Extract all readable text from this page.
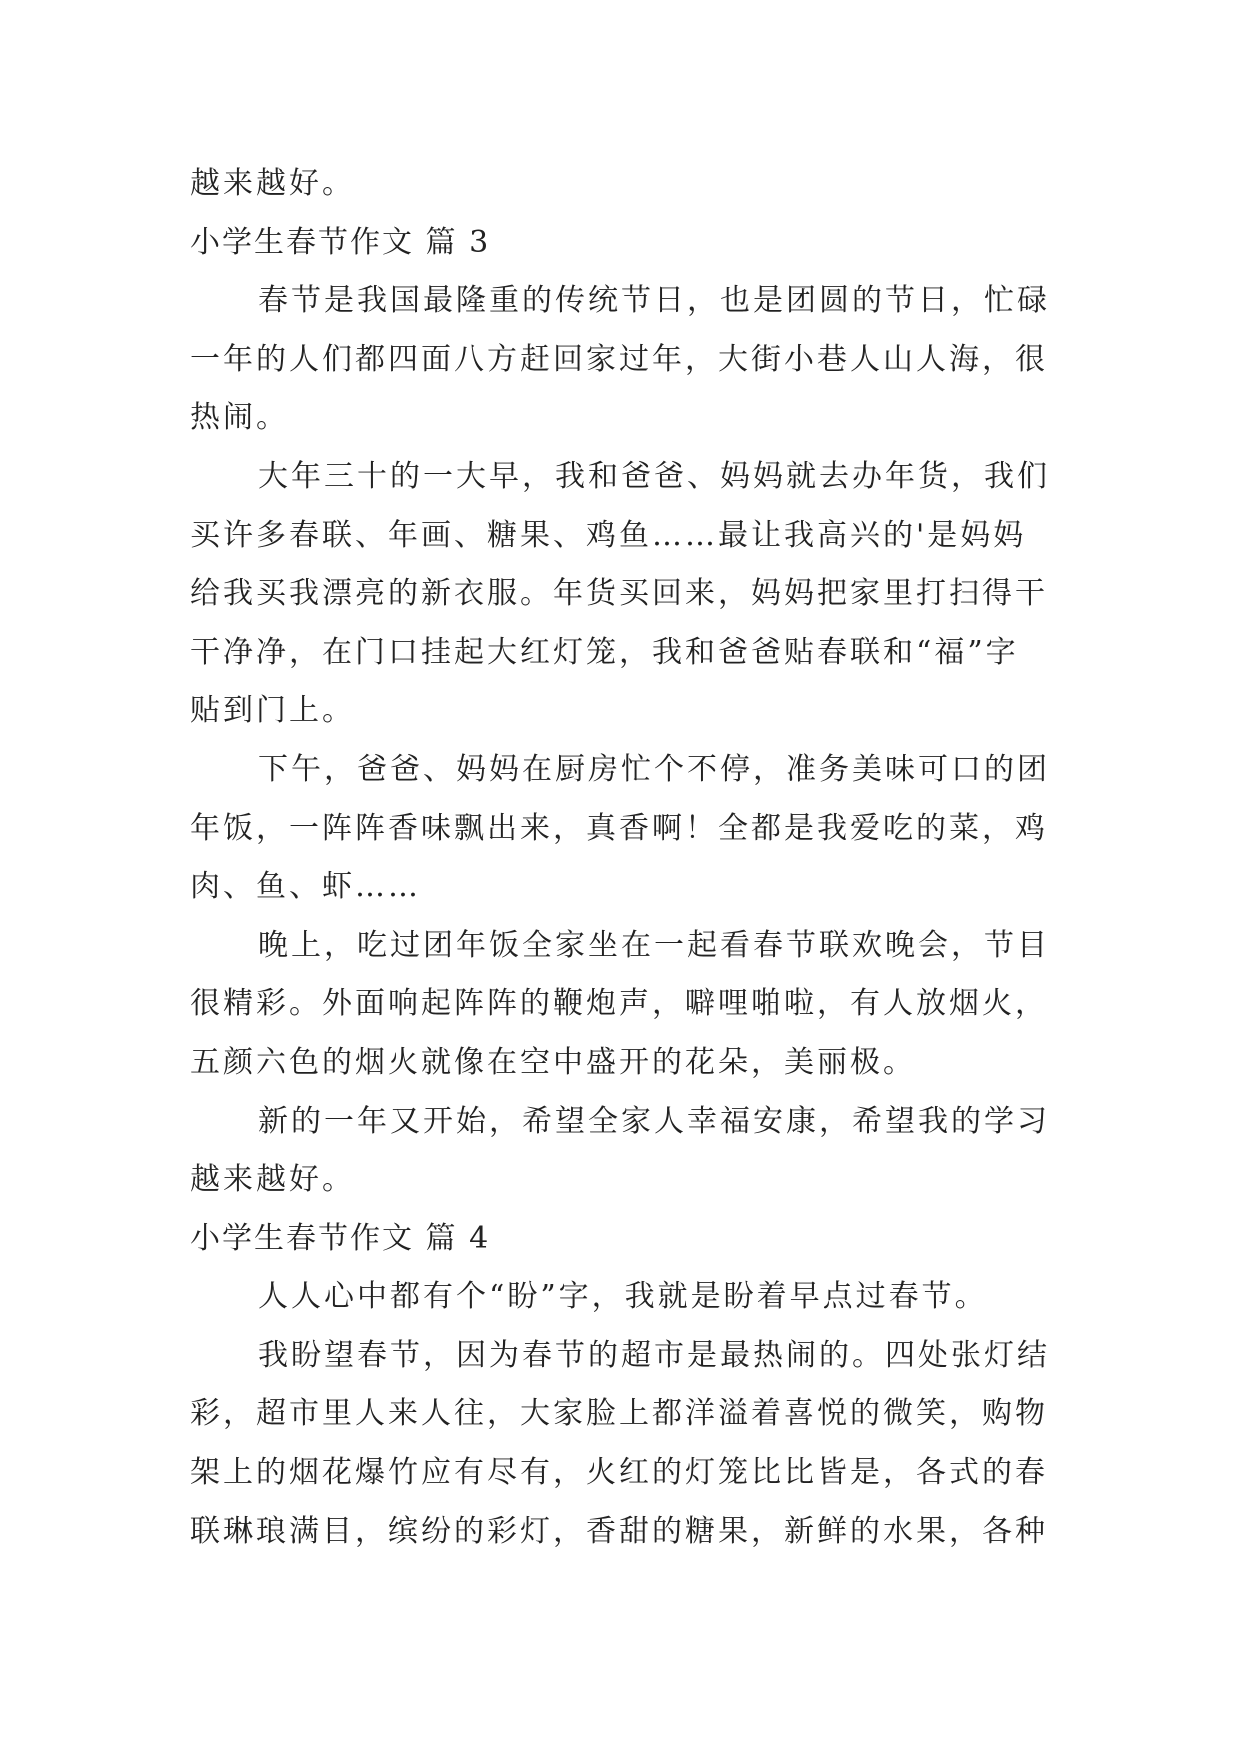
越来越好。

小学生春节作文 篇 3

春节是我国最隆重的传统节日，也是团圆的节日，忙碌

一年的人们都四面八方赶回家过年，大街小巷人山人海，很

热闹。

大年三十的一大早，我和爸爸、妈妈就去办年货，我们

买许多春联、年画、糖果、鸡鱼……最让我高兴的'是妈妈

给我买我漂亮的新衣服。年货买回来，妈妈把家里打扫得干

干净净，在门口挂起大红灯笼，我和爸爸贴春联和“福”字

贴到门上。

下午，爸爸、妈妈在厨房忙个不停，准务美味可口的团

年饭，一阵阵香味飘出来，真香啊！全都是我爱吃的菜，鸡

肉、鱼、虾……

晚上，吃过团年饭全家坐在一起看春节联欢晚会，节目

很精彩。外面响起阵阵的鞭炮声，噼哩啪啦，有人放烟火，

五颜六色的烟火就像在空中盛开的花朵，美丽极。

新的一年又开始，希望全家人幸福安康，希望我的学习

越来越好。

小学生春节作文 篇 4

人人心中都有个“盼”字，我就是盼着早点过春节。

我盼望春节，因为春节的超市是最热闹的。四处张灯结

彩，超市里人来人往，大家脸上都洋溢着喜悦的微笑，购物

架上的烟花爆竹应有尽有，火红的灯笼比比皆是，各式的春

联琳琅满目，缤纷的彩灯，香甜的糖果，新鲜的水果，各种
